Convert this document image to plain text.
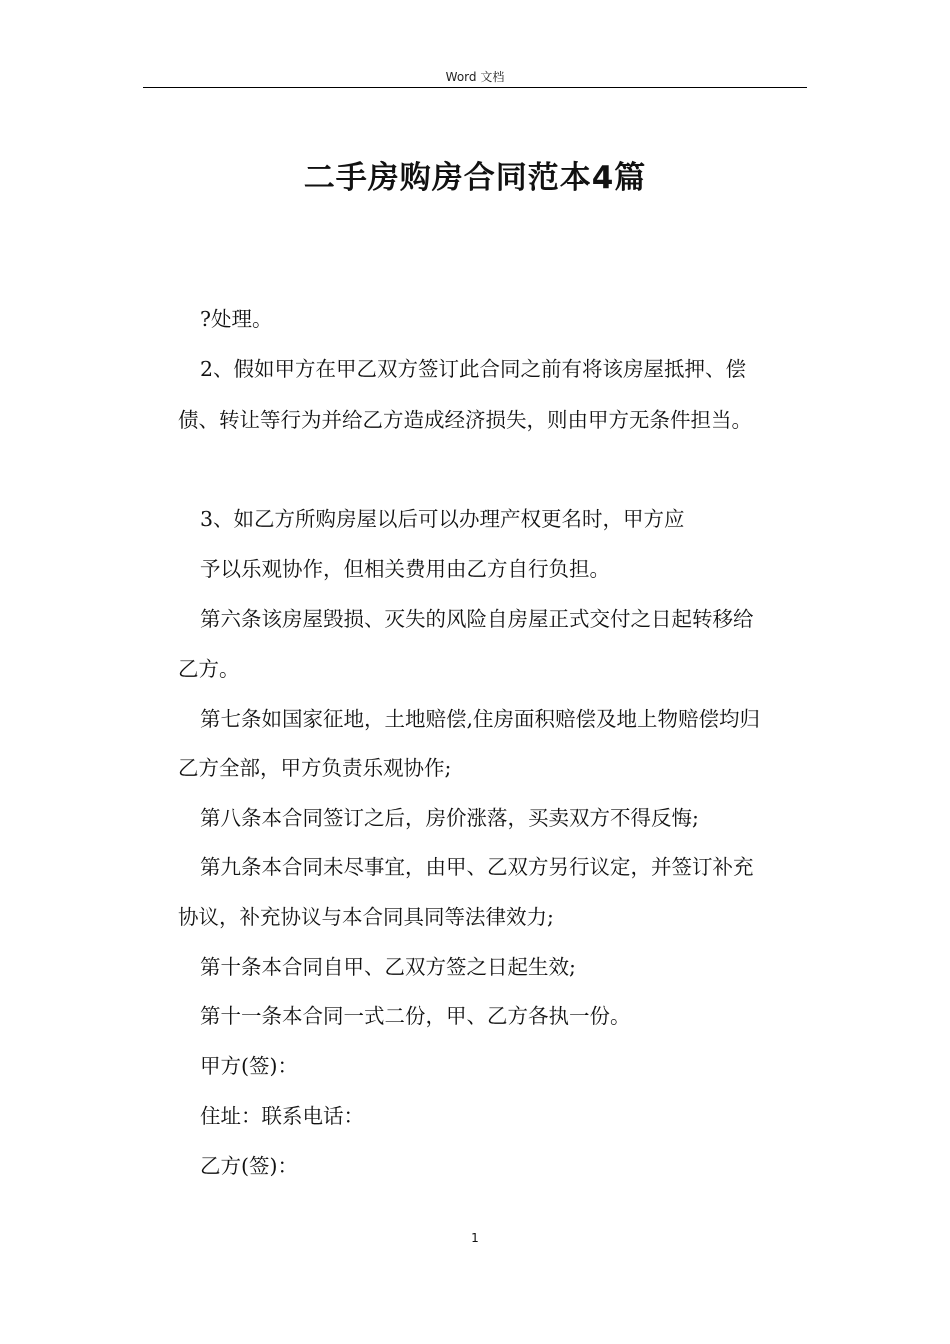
Word 文档
二手房购房合同范本4篇
?处理。
2、假如甲方在甲乙双方签订此合同之前有将该房屋抵押、偿
债、转让等行为并给乙方造成经济损失，则由甲方无条件担当。
3、如乙方所购房屋以后可以办理产权更名时，甲方应
予以乐观协作，但相关费用由乙方自行负担。
第六条该房屋毁损、灭失的风险自房屋正式交付之日起转移给
乙方。
第七条如国家征地，土地赔偿,住房面积赔偿及地上物赔偿均归
乙方全部，甲方负责乐观协作;
第八条本合同签订之后，房价涨落，买卖双方不得反悔;
第九条本合同未尽事宜，由甲、乙双方另行议定，并签订补充
协议，补充协议与本合同具同等法律效力;
第十条本合同自甲、乙双方签之日起生效;
第十一条本合同一式二份，甲、乙方各执一份。
甲方(签)：
住址：联系电话：
乙方(签)：
1
